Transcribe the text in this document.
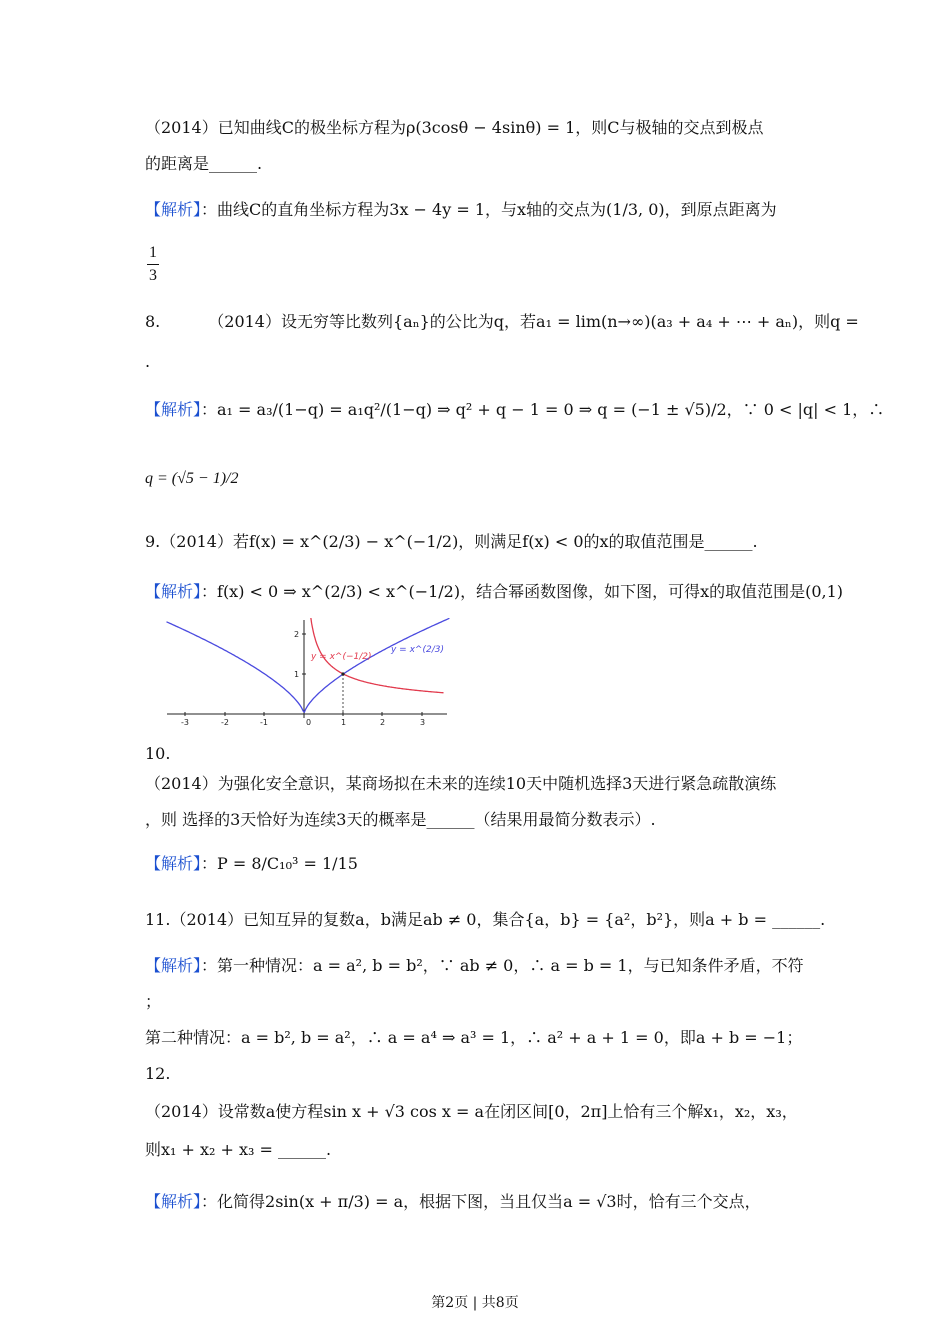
（2014）已知曲线C的极坐标方程为ρ(3cosθ − 4sinθ) = 1，则C与极轴的交点到极点
的距离是______.
【解析】：曲线C的直角坐标方程为3x − 4y = 1，与x轴的交点为(1/3, 0)，到原点距离为
$\frac{1}{3}$
8.	（2014）设无穷等比数列{aₙ}的公比为q，若a₁ = lim(n→∞)(a₃ + a₄ + ⋯ + aₙ)，则q =
.
【解析】：a₁ = a₃/(1−q) = a₁q²/(1−q) ⇒ q² + q − 1 = 0 ⇒ q = (−1 ± √5)/2，∵ 0 < |q| < 1，∴
q = (√5 − 1)/2
9.（2014）若f(x) = x^(2/3) − x^(−1/2)，则满足f(x) < 0的x的取值范围是______.
【解析】：f(x) < 0 ⇒ x^(2/3) < x^(−1/2)，结合幂函数图像，如下图，可得x的取值范围是(0,1)
-3	-2	-1	0	1	2	3
1
2
y = x^(−1/2)
y = x^(2/3)
10.
（2014）为强化安全意识，某商场拟在未来的连续10天中随机选择3天进行紧急疏散演练
，则 选择的3天恰好为连续3天的概率是______（结果用最简分数表示）.
【解析】：P = 8/C₁₀³ = 1/15
11.（2014）已知互异的复数a，b满足ab ≠ 0，集合{a，b} = {a²，b²}，则a + b = ______.
【解析】：第一种情况：a = a², b = b²，∵ ab ≠ 0，∴ a = b = 1，与已知条件矛盾，不符
；
第二种情况：a = b², b = a²，∴ a = a⁴ ⇒ a³ = 1，∴ a² + a + 1 = 0，即a + b = −1；
12.
（2014）设常数a使方程sin x + √3 cos x = a在闭区间[0，2π]上恰有三个解x₁，x₂，x₃，
则x₁ + x₂ + x₃ = ______.
【解析】：化简得2sin(x + π/3) = a，根据下图，当且仅当a = √3时，恰有三个交点，
第2页 | 共8页
